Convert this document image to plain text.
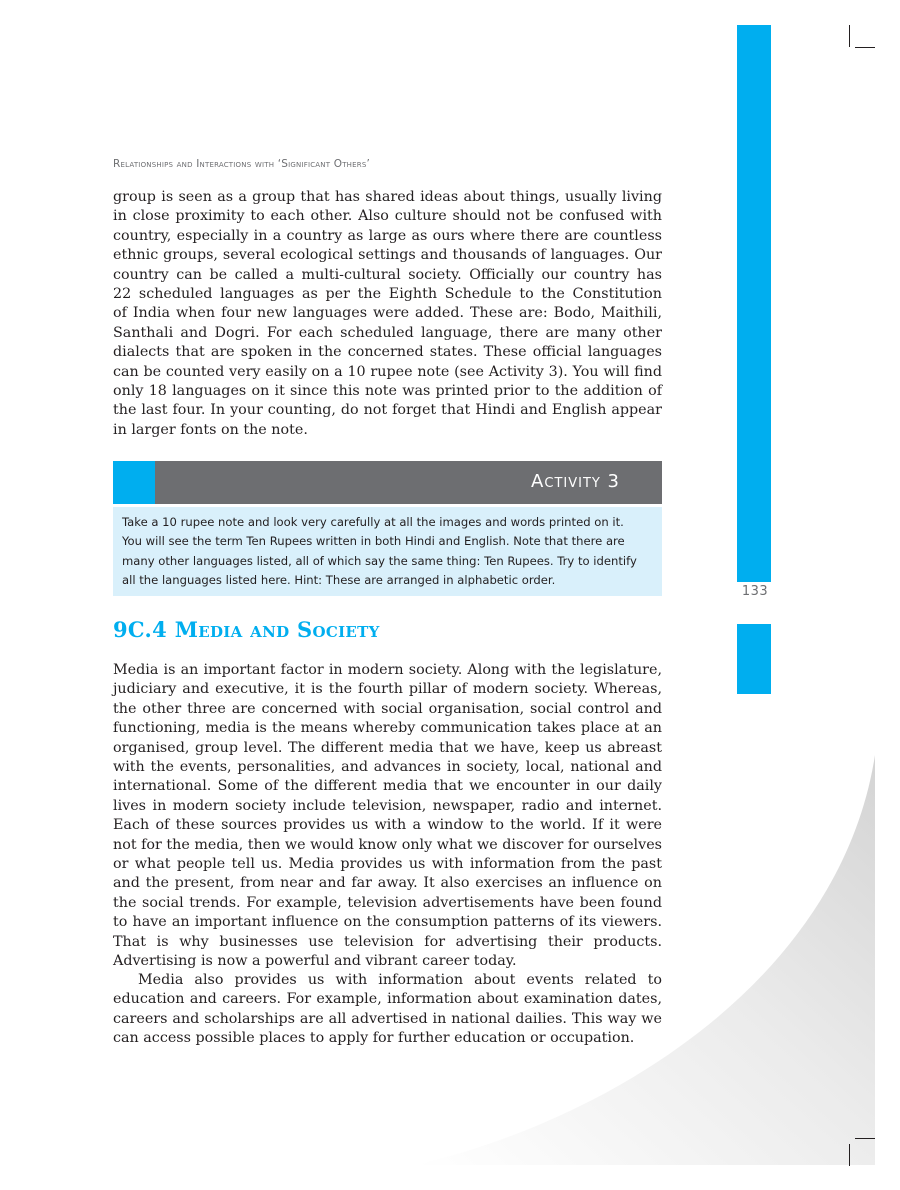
133
Relationships and Interactions with ‘Significant Others’
group is seen as a group that has shared ideas about things, usually living
in close proximity to each other. Also culture should not be confused with
country, especially in a country as large as ours where there are countless
ethnic groups, several ecological settings and thousands of languages. Our
country can be called a multi-cultural society. Officially our country has
22 scheduled languages as per the Eighth Schedule to the Constitution
of India when four new languages were added. These are: Bodo, Maithili,
Santhali and Dogri. For each scheduled language, there are many other
dialects that are spoken in the concerned states. These official languages
can be counted very easily on a 10 rupee note (see Activity 3). You will find
only 18 languages on it since this note was printed prior to the addition of
the last four. In your counting, do not forget that Hindi and English appear
in larger fonts on the note.
Activity 3
Take a 10 rupee note and look very carefully at all the images and words printed on it.
You will see the term Ten Rupees written in both Hindi and English. Note that there are
many other languages listed, all of which say the same thing: Ten Rupees. Try to identify
all the languages listed here. Hint: These are arranged in alphabetic order.
9C.4 Media and Society
Media is an important factor in modern society. Along with the legislature,
judiciary and executive, it is the fourth pillar of modern society. Whereas,
the other three are concerned with social organisation, social control and
functioning, media is the means whereby communication takes place at an
organised, group level. The different media that we have, keep us abreast
with the events, personalities, and advances in society, local, national and
international. Some of the different media that we encounter in our daily
lives in modern society include television, newspaper, radio and internet.
Each of these sources provides us with a window to the world. If it were
not for the media, then we would know only what we discover for ourselves
or what people tell us. Media provides us with information from the past
and the present, from near and far away. It also exercises an influence on
the social trends. For example, television advertisements have been found
to have an important influence on the consumption patterns of its viewers.
That is why businesses use television for advertising their products.
Advertising is now a powerful and vibrant career today.
Media also provides us with information about events related to
education and careers. For example, information about examination dates,
careers and scholarships are all advertised in national dailies. This way we
can access possible places to apply for further education or occupation.
